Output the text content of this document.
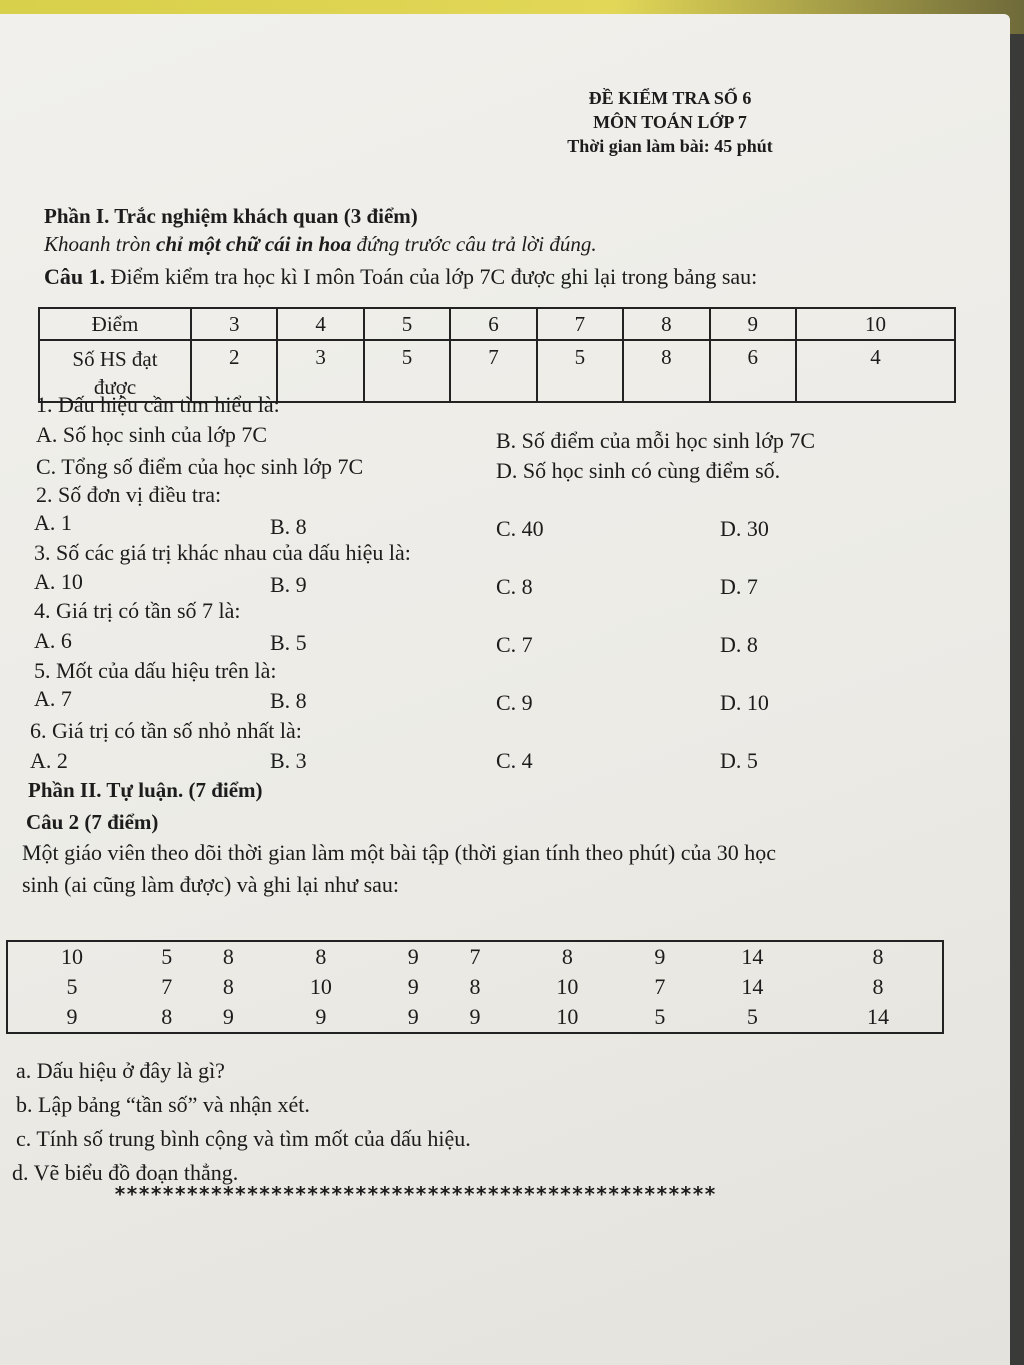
ĐỀ KIỂM TRA SỐ 6
MÔN TOÁN LỚP 7
Thời gian làm bài: 45 phút
Phần I. Trắc nghiệm khách quan (3 điểm)
Khoanh tròn chỉ một chữ cái in hoa đứng trước câu trả lời đúng.
Câu 1. Điểm kiểm tra học kì I môn Toán của lớp 7C được ghi lại trong bảng sau:
Điểm	3	4	5	6	7	8	9	10

Số HS đạt
được	2	3	5	7	5	8	6	4
1. Dấu hiệu cần tìm hiểu là:
A. Số học sinh của lớp 7C	B. Số điểm của mỗi học sinh lớp 7C
C. Tổng số điểm của học sinh lớp 7C	D. Số học sinh có cùng điểm số.
2. Số đơn vị điều tra:
A. 1	B. 8	C. 40	D. 30
3. Số các giá trị khác nhau của dấu hiệu là:
A. 10	B. 9	C. 8	D. 7
4. Giá trị có tần số 7 là:
A. 6	B. 5	C. 7	D. 8
5. Mốt của dấu hiệu trên là:
A. 7	B. 8	C. 9	D. 10
6. Giá trị có tần số nhỏ nhất là:
A. 2	B. 3	C. 4	D. 5
Phần II. Tự luận. (7 điểm)
Câu 2 (7 điểm)
Một giáo viên theo dõi thời gian làm một bài tập (thời gian tính theo phút) của 30 học
sinh (ai cũng làm được) và ghi lại như sau:
10	5	8	8	9	7	8	9	14	8
5	7	8	10	9	8	10	7	14	8
9	8	9	9	9	9	10	5	5	14
a. Dấu hiệu ở đây là gì?
b. Lập bảng “tần số” và nhận xét.
c. Tính số trung bình cộng và tìm mốt của dấu hiệu.
d. Vẽ biểu đồ đoạn thẳng.
**************************************************
